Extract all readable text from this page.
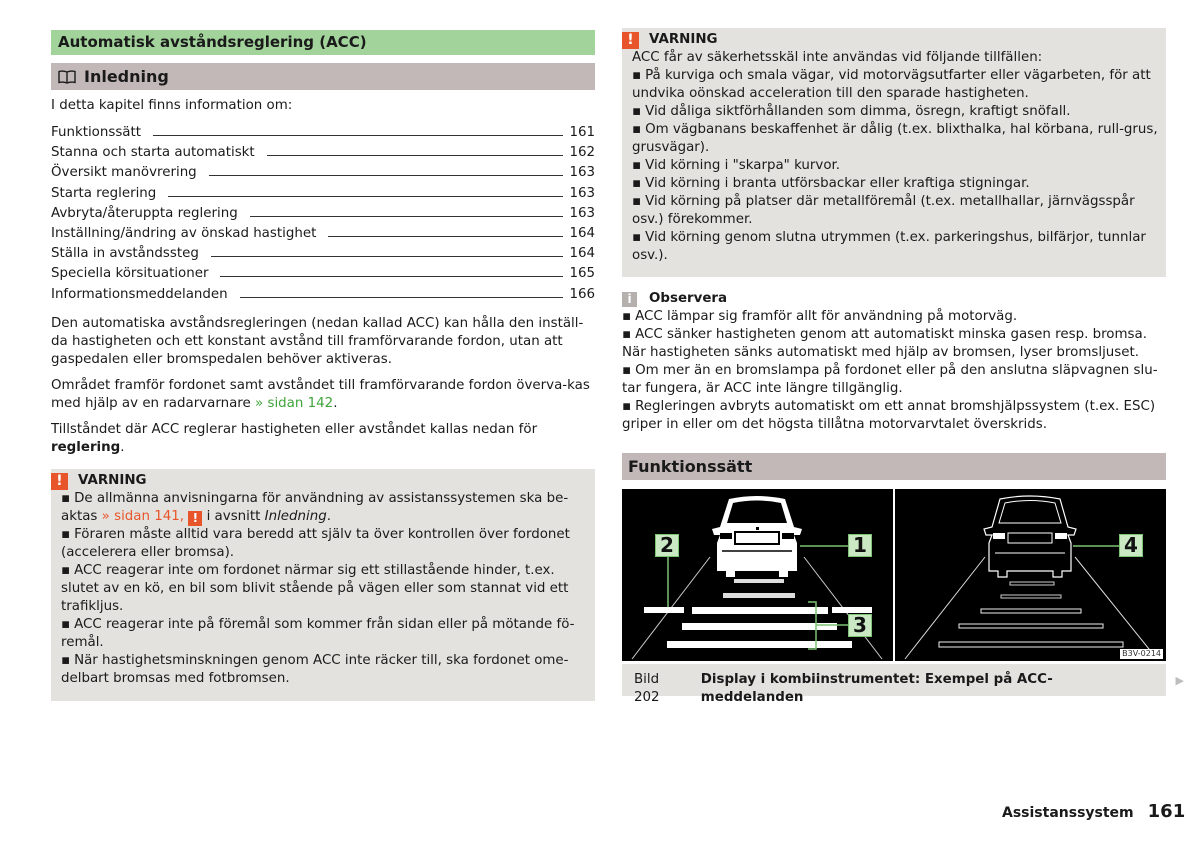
Automatisk avståndsreglering (ACC)
Inledning
I detta kapitel finns information om:
Funktionssätt	161
Stanna och starta automatiskt	162
Översikt manövrering	163
Starta reglering	163
Avbryta/återuppta reglering	163
Inställning/ändring av önskad hastighet	164
Ställa in avståndssteg	164
Speciella körsituationer	165
Informationsmeddelanden	166

Den automatiska avståndsregleringen (nedan kallad ACC) kan hålla den inställ-da hastigheten och ett konstant avstånd till framförvarande fordon, utan att gaspedalen eller bromspedalen behöver aktiveras.

Området framför fordonet samt avståndet till framförvarande fordon överva-kas med hjälp av en radarvarnare » sidan 142.

Tillståndet där ACC reglerar hastigheten eller avståndet kallas nedan för reglering.

!	VARNING

▪ De allmänna anvisningarna för användning av assistanssystemen ska be-aktas » sidan 141, ! i avsnitt Inledning.

▪ Föraren måste alltid vara beredd att själv ta över kontrollen över fordonet (accelerera eller bromsa).

▪ ACC reagerar inte om fordonet närmar sig ett stillastående hinder, t.ex. slutet av en kö, en bil som blivit stående på vägen eller som stannat vid ett trafikljus.

▪ ACC reagerar inte på föremål som kommer från sidan eller på mötande fö-remål.

▪ När hastighetsminskningen genom ACC inte räcker till, ska fordonet ome-delbart bromsas med fotbromsen.

!	VARNING

ACC får av säkerhetsskäl inte användas vid följande tillfällen:

▪ På kurviga och smala vägar, vid motorvägsutfarter eller vägarbeten, för att undvika oönskad acceleration till den sparade hastigheten.

▪ Vid dåliga siktförhållanden som dimma, ösregn, kraftigt snöfall.

▪ Om vägbanans beskaffenhet är dålig (t.ex. blixthalka, hal körbana, rull-grus, grusvägar).

▪ Vid körning i "skarpa" kurvor.

▪ Vid körning i branta utförsbackar eller kraftiga stigningar.

▪ Vid körning på platser där metallföremål (t.ex. metallhallar, järnvägsspår osv.) förekommer.

▪ Vid körning genom slutna utrymmen (t.ex. parkeringshus, bilfärjor, tunnlar osv.).

i	Observera

▪ ACC lämpar sig framför allt för användning på motorväg.

▪ ACC sänker hastigheten genom att automatiskt minska gasen resp. bromsa. När hastigheten sänks automatiskt med hjälp av bromsen, lyser bromsljuset.

▪ Om mer än en bromslampa på fordonet eller på den anslutna släpvagnen slu-tar fungera, är ACC inte längre tillgänglig.

▪ Regleringen avbryts automatiskt om ett annat bromshjälpssystem (t.ex. ESC) griper in eller om det högsta tillåtna motorvarvtalet överskrids.

Funktionssätt
2	1
3
4
B3V-0214
Bild 202
Display i kombiinstrumentet: Exempel på ACC-meddelanden
▶
Assistanssystem 161
